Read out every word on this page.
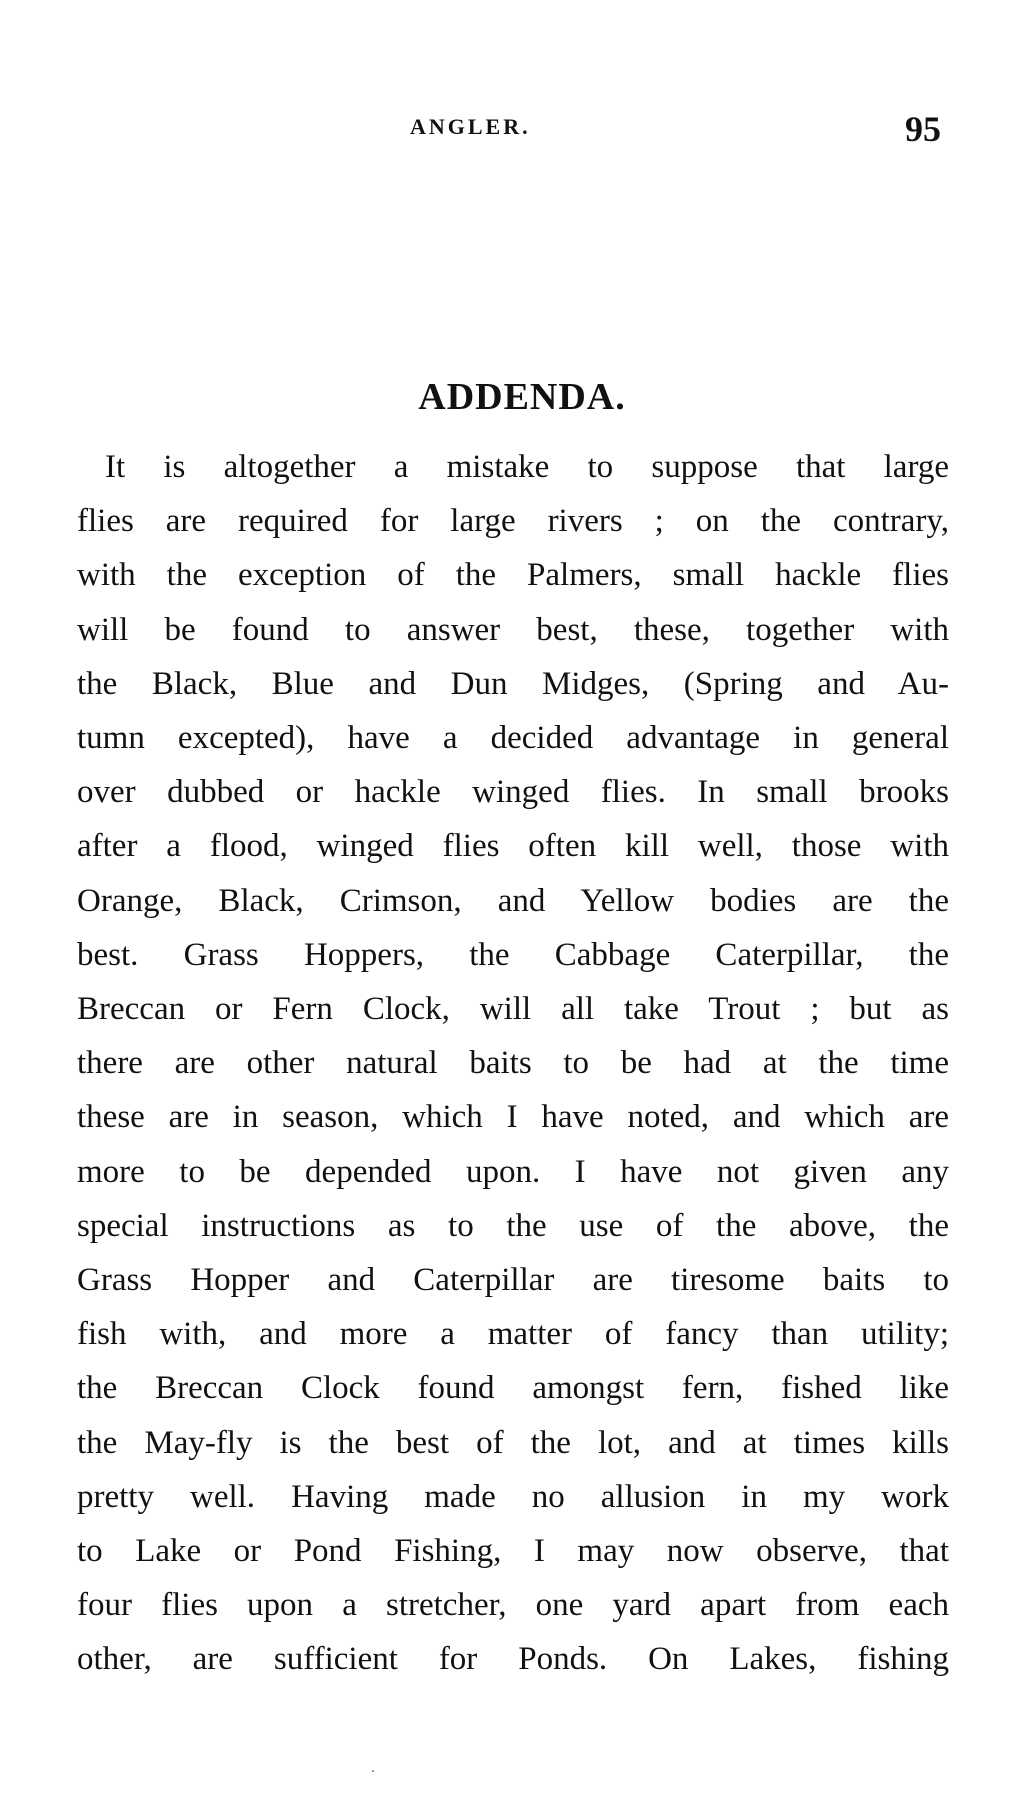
ANGLER.	95
ADDENDA.
It is altogether a mistake to suppose that large
flies are required for large rivers ; on the contrary,
with the exception of the Palmers, small hackle flies
will be found to answer best, these, together with
the Black, Blue and Dun Midges, (Spring and Au-
tumn excepted), have a decided advantage in general
over dubbed or hackle winged flies. In small brooks
after a flood, winged flies often kill well, those with
Orange, Black, Crimson, and Yellow bodies are the
best. Grass Hoppers, the Cabbage Caterpillar, the
Breccan or Fern Clock, will all take Trout ; but as
there are other natural baits to be had at the time
these are in season, which I have noted, and which are
more to be depended upon. I have not given any
special instructions as to the use of the above, the
Grass Hopper and Caterpillar are tiresome baits to
fish with, and more a matter of fancy than utility;
the Breccan Clock found amongst fern, fished like
the May-fly is the best of the lot, and at times kills
pretty well. Having made no allusion in my work
to Lake or Pond Fishing, I may now observe, that
four flies upon a stretcher, one yard apart from each
other, are sufficient for Ponds. On Lakes, fishing
